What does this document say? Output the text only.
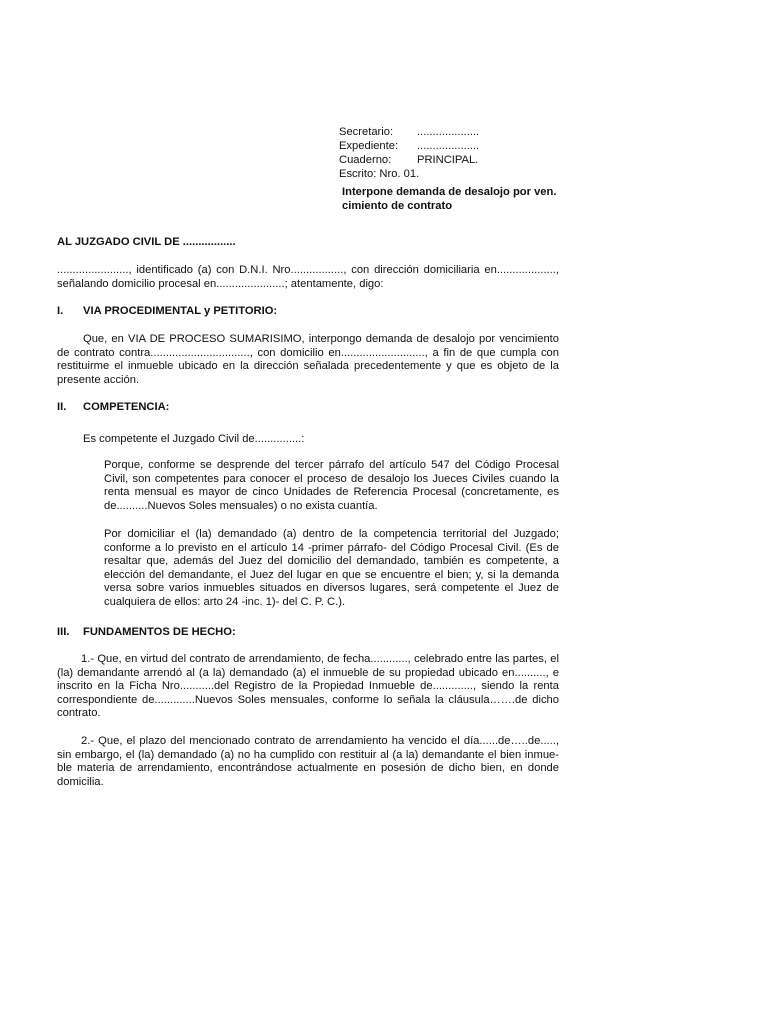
Secretario: ....................
Expediente: ....................
Cuaderno: PRINCIPAL.
Escrito: Nro. 01.
Interpone demanda de desalojo por ven.
cimiento de contrato
AL JUZGADO CIVIL DE .................

......................., identificado (a) con D.N.I. Nro................., con dirección domiciliaria en..................., señalando domicilio procesal en......................; atentamente, digo:

I. VIA PROCEDIMENTAL y PETITORIO:

Que, en VIA DE PROCESO SUMARISIMO, interpongo demanda de desalojo por vencimiento de contrato contra................................, con domicilio en..........................., a fin de que cumpla con restituirme el inmueble ubicado en la dirección señalada precedentemente y que es objeto de la presente acción.

II. COMPETENCIA:

Es competente el Juzgado Civil de...............:

Porque, conforme se desprende del tercer párrafo del artículo 547 del Código Procesal Civil, son competentes para conocer el proceso de desalojo los Jueces Civiles cuando la renta mensual es mayor de cinco Unidades de Referencia Procesal (concretamente, es de..........Nuevos Soles mensuales) o no exista cuantía.

Por domiciliar el (la) demandado (a) dentro de la competencia territorial del Juzgado; conforme a lo previsto en el artículo 14 -primer párrafo- del Código Procesal Civil. (Es de resaltar que, además del Juez del domicilio del demandado, también es competente, a elección del demandante, el Juez del lugar en que se encuentre el bien; y, si la demanda versa sobre varios inmuebles situados en diversos lugares, será competente el Juez de cualquiera de ellos: arto 24 -inc. 1)- del C. P. C.).

III. FUNDAMENTOS DE HECHO:

1.- Que, en virtud del contrato de arrendamiento, de fecha............, celebrado entre las partes, el (la) demandante arrendó al (a la) demandado (a) el inmueble de su propiedad ubicado en.........., e inscrito en la Ficha Nro...........del Registro de la Propiedad Inmueble de............., siendo la renta correspondiente de.............Nuevos Soles mensuales, conforme lo señala la cláusula…….de dicho contrato.

2.- Que, el plazo del mencionado contrato de arrendamiento ha vencido el día......de…..de....., sin embargo, el (la) demandado (a) no ha cumplido con restituir al (a la) demandante el bien inmue-ble materia de arrendamiento, encontrándose actualmente en posesión de dicho bien, en donde domicilia.
